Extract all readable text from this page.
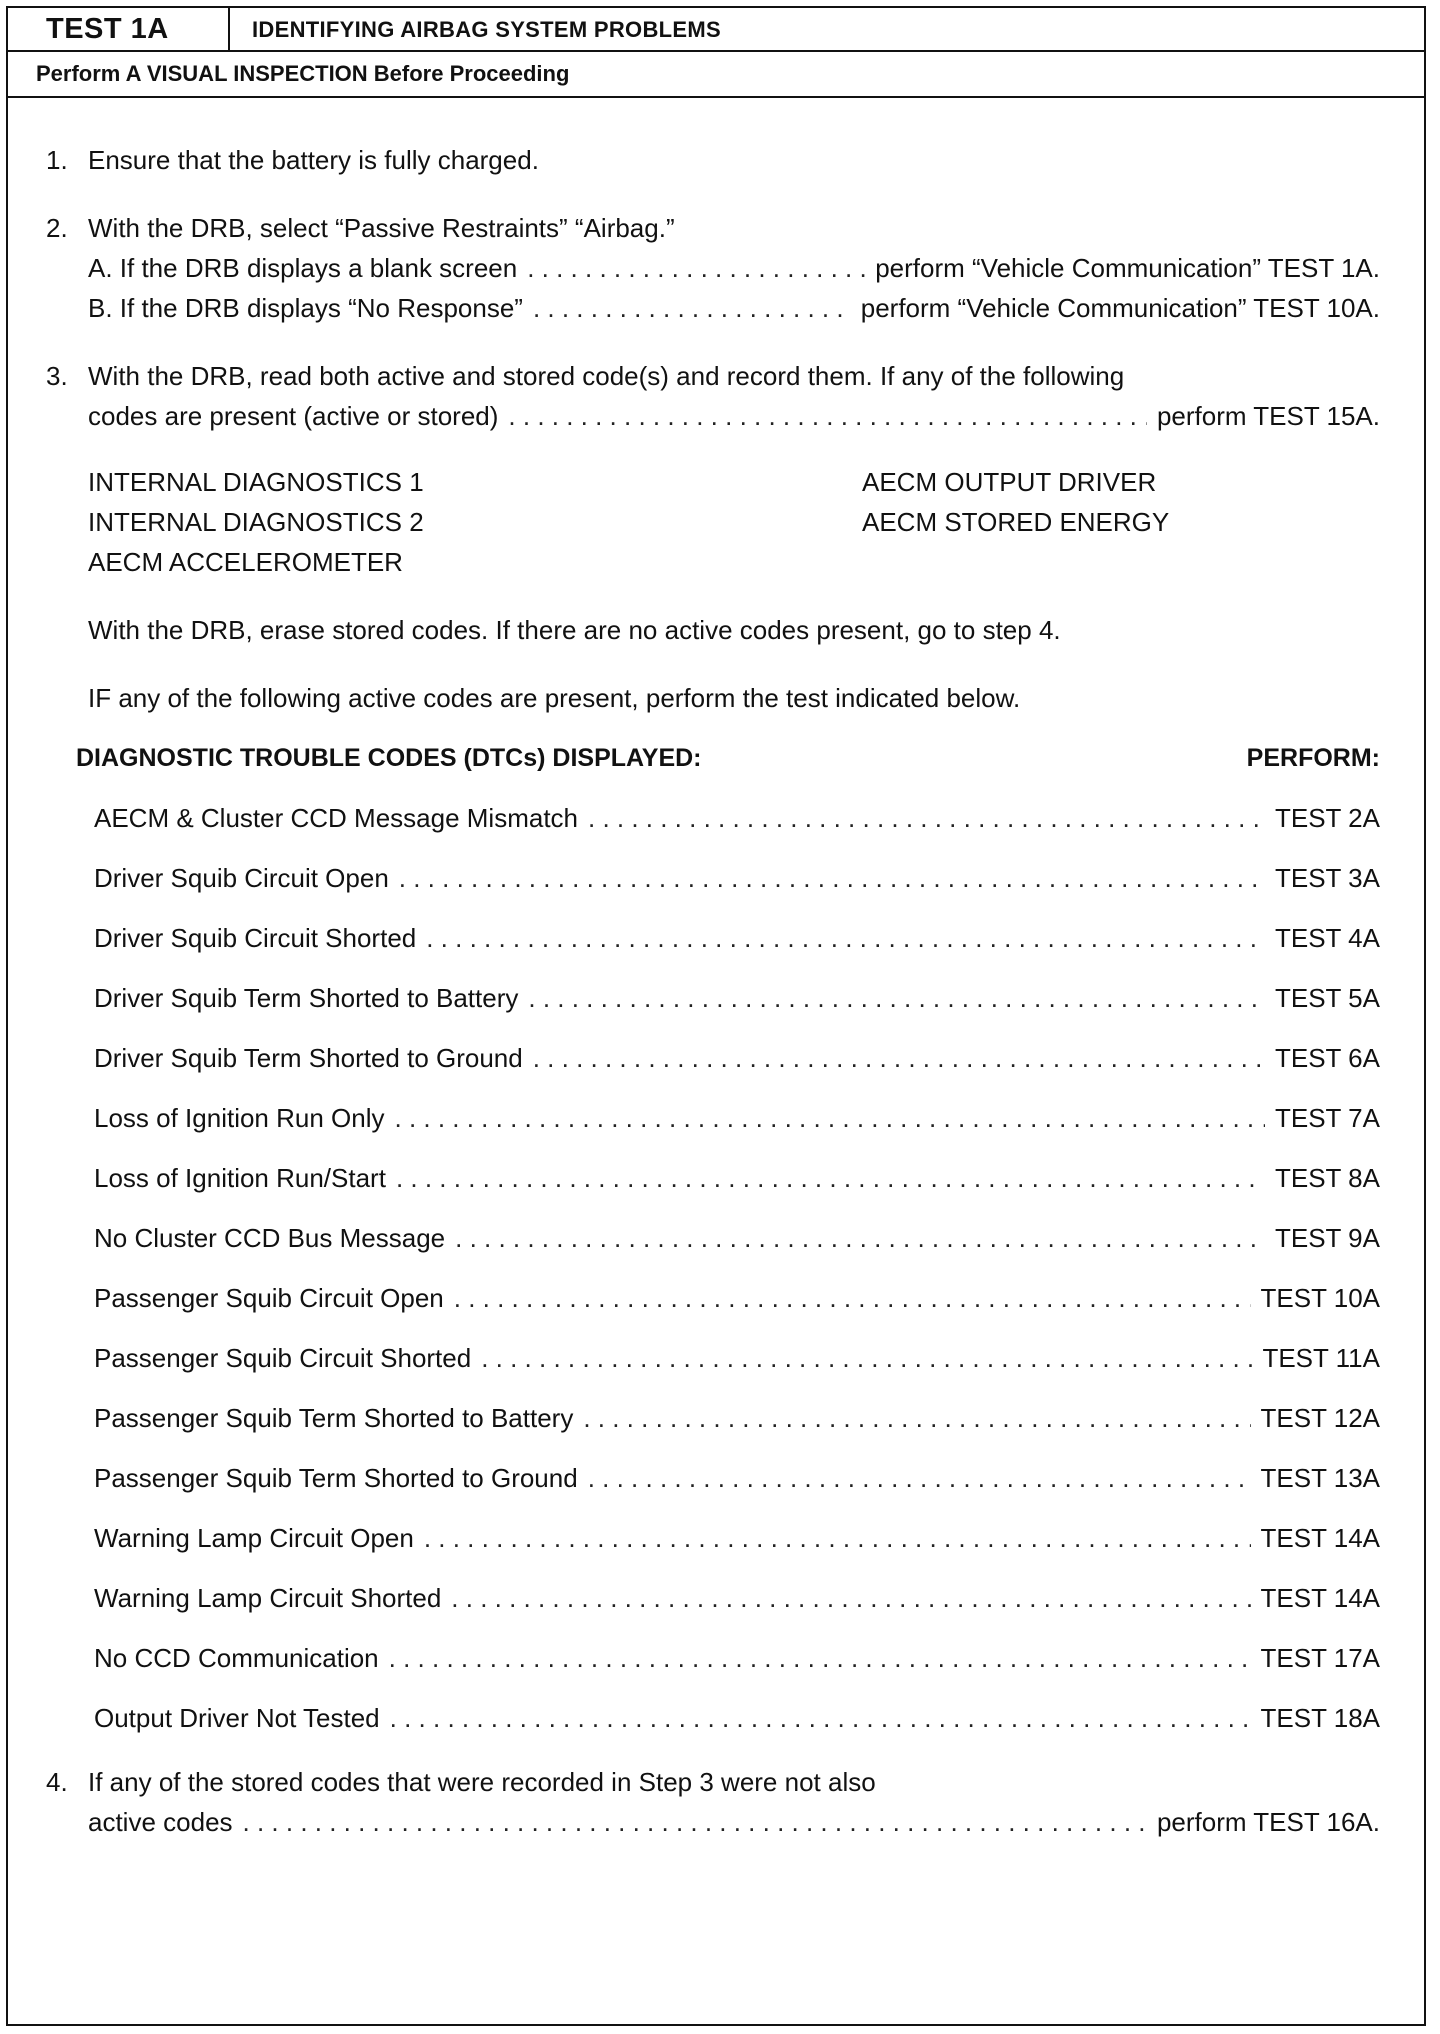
TEST 1A	IDENTIFYING AIRBAG SYSTEM PROBLEMS
Perform A VISUAL INSPECTION Before Proceeding
1. Ensure that the battery is fully charged.
2. With the DRB, select “Passive Restraints” “Airbag.”
A. If the DRB displays a blank screen . . .	perform “Vehicle Communication” TEST 1A.
B. If the DRB displays “No Response” . . .	perform “Vehicle Communication” TEST 10A.
3. With the DRB, read both active and stored code(s) and record them. If any of the following
codes are present (active or stored) . . .	perform TEST 15A.
INTERNAL DIAGNOSTICS 1
INTERNAL DIAGNOSTICS 2
AECM ACCELEROMETER
AECM OUTPUT DRIVER
AECM STORED ENERGY
With the DRB, erase stored codes. If there are no active codes present, go to step 4.
IF any of the following active codes are present, perform the test indicated below.
DIAGNOSTIC TROUBLE CODES (DTCs) DISPLAYED:	PERFORM:
AECM & Cluster CCD Message Mismatch . . .	TEST 2A
Driver Squib Circuit Open . . .	TEST 3A
Driver Squib Circuit Shorted . . .	TEST 4A
Driver Squib Term Shorted to Battery . . .	TEST 5A
Driver Squib Term Shorted to Ground . . .	TEST 6A
Loss of Ignition Run Only . . .	TEST 7A
Loss of Ignition Run/Start . . .	TEST 8A
No Cluster CCD Bus Message . . .	TEST 9A
Passenger Squib Circuit Open . . .	TEST 10A
Passenger Squib Circuit Shorted . . .	TEST 11A
Passenger Squib Term Shorted to Battery . . .	TEST 12A
Passenger Squib Term Shorted to Ground . . .	TEST 13A
Warning Lamp Circuit Open . . .	TEST 14A
Warning Lamp Circuit Shorted . . .	TEST 14A
No CCD Communication . . .	TEST 17A
Output Driver Not Tested . . .	TEST 18A
4. If any of the stored codes that were recorded in Step 3 were not also
active codes . . .	perform TEST 16A.
